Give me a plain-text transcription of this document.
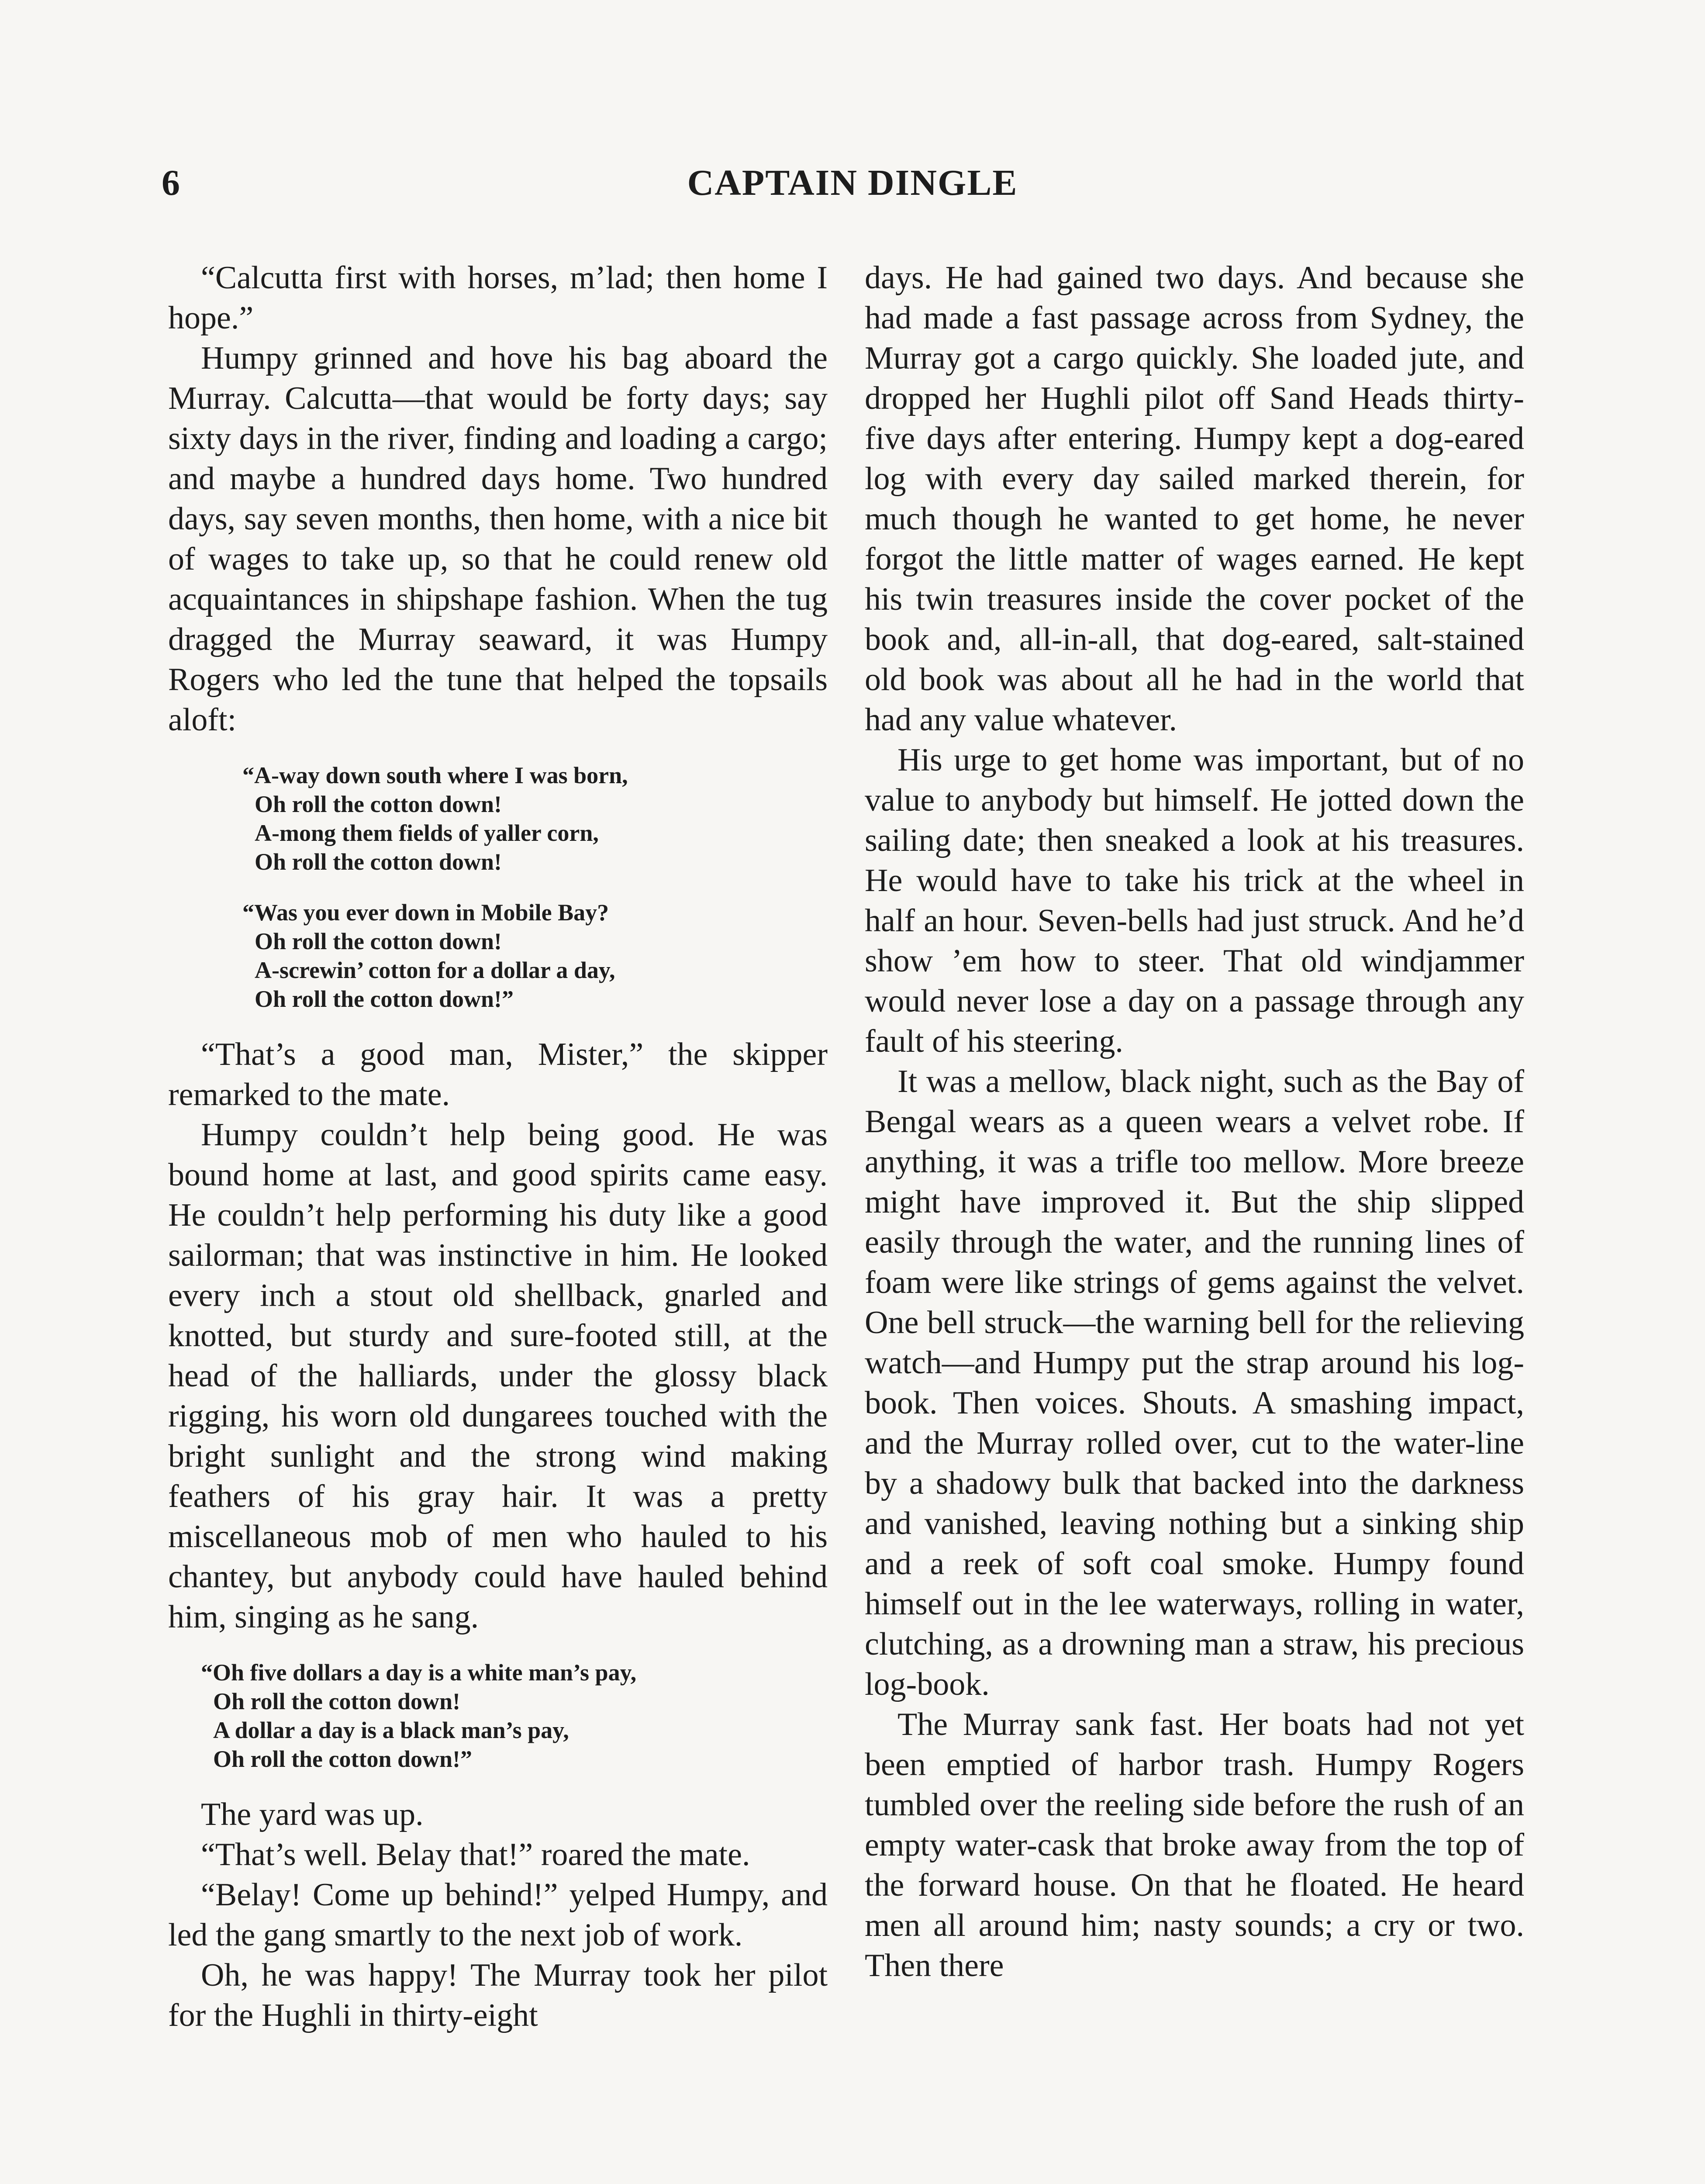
6	CAPTAIN DINGLE

“Calcutta first with horses, m’lad; then home I hope.”

Humpy grinned and hove his bag aboard the Murray. Calcutta—that would be forty days; say sixty days in the river, finding and loading a cargo; and maybe a hundred days home. Two hundred days, say seven months, then home, with a nice bit of wages to take up, so that he could renew old acquaintances in shipshape fashion. When the tug dragged the Murray seaward, it was Humpy Rogers who led the tune that helped the topsails aloft:

“A-way down south where I was born,
Oh roll the cotton down!
A-mong them fields of yaller corn,
Oh roll the cotton down!
“Was you ever down in Mobile Bay?
Oh roll the cotton down!
A-screwin’ cotton for a dollar a day,
Oh roll the cotton down!”

“That’s a good man, Mister,” the skipper remarked to the mate.

Humpy couldn’t help being good. He was bound home at last, and good spirits came easy. He couldn’t help performing his duty like a good sailorman; that was instinctive in him. He looked every inch a stout old shellback, gnarled and knotted, but sturdy and sure-footed still, at the head of the halliards, under the glossy black rigging, his worn old dungarees touched with the bright sunlight and the strong wind making feathers of his gray hair. It was a pretty miscellaneous mob of men who hauled to his chantey, but anybody could have hauled behind him, singing as he sang.

“Oh five dollars a day is a white man’s pay,
Oh roll the cotton down!
A dollar a day is a black man’s pay,
Oh roll the cotton down!”

The yard was up.

“That’s well. Belay that!” roared the mate.

“Belay! Come up behind!” yelped Humpy, and led the gang smartly to the next job of work.

Oh, he was happy! The Murray took her pilot for the Hughli in thirty-eight

days. He had gained two days. And because she had made a fast passage across from Sydney, the Murray got a cargo quickly. She loaded jute, and dropped her Hughli pilot off Sand Heads thirty-five days after entering. Humpy kept a dog-eared log with every day sailed marked therein, for much though he wanted to get home, he never forgot the little matter of wages earned. He kept his twin treasures inside the cover pocket of the book and, all-in-all, that dog-eared, salt-stained old book was about all he had in the world that had any value whatever.

His urge to get home was important, but of no value to anybody but himself. He jotted down the sailing date; then sneaked a look at his treasures. He would have to take his trick at the wheel in half an hour. Seven-bells had just struck. And he’d show ’em how to steer. That old windjammer would never lose a day on a passage through any fault of his steering.

It was a mellow, black night, such as the Bay of Bengal wears as a queen wears a velvet robe. If anything, it was a trifle too mellow. More breeze might have improved it. But the ship slipped easily through the water, and the running lines of foam were like strings of gems against the velvet. One bell struck—the warning bell for the relieving watch—and Humpy put the strap around his log-book. Then voices. Shouts. A smashing impact, and the Murray rolled over, cut to the water-line by a shadowy bulk that backed into the darkness and vanished, leaving nothing but a sinking ship and a reek of soft coal smoke. Humpy found himself out in the lee waterways, rolling in water, clutching, as a drowning man a straw, his precious log-book.

The Murray sank fast. Her boats had not yet been emptied of harbor trash. Humpy Rogers tumbled over the reeling side before the rush of an empty water-cask that broke away from the top of the forward house. On that he floated. He heard men all around him; nasty sounds; a cry or two. Then there
